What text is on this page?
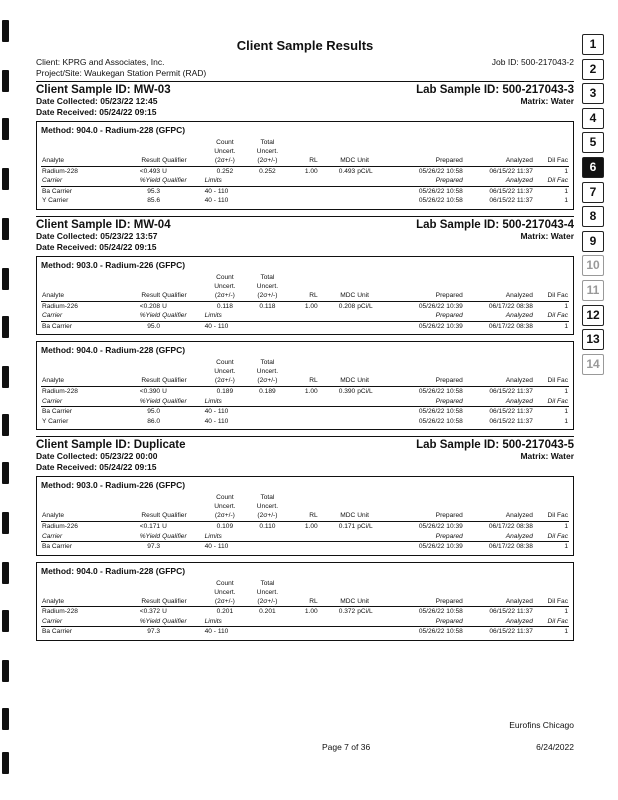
1
2
3
4
5
6
7
8
9
10
11
12
13
14
Client Sample Results
Client: KPRG and Associates, Inc.	Job ID: 500-217043-2
Project/Site: Waukegan Station Permit (RAD)
Client Sample ID: MW-03	Lab Sample ID: 500-217043-3
Date Collected: 05/23/22 12:45	Matrix: Water
Date Received: 05/24/22 09:15
Method: 904.0 - Radium-228 (GFPC)
			Count	Total						
			Uncert.	Uncert.						
Analyte	Result	Qualifier	(2σ+/-)	(2σ+/-)	RL	MDC	Unit	Prepared	Analyzed	Dil Fac
Radium-228	<0.493	U	0.252	0.252	1.00	0.493	pCi/L	05/26/22 10:58	06/15/22 11:37	1

Carrier	%Yield	Qualifier	Limits					Prepared	Analyzed	Dil Fac
Ba Carrier	95.3		40 - 110					05/26/22 10:58	06/15/22 11:37	1
Y Carrier	85.6		40 - 110					05/26/22 10:58	06/15/22 11:37	1
Client Sample ID: MW-04	Lab Sample ID: 500-217043-4
Date Collected: 05/23/22 13:57	Matrix: Water
Date Received: 05/24/22 09:15
Method: 903.0 - Radium-226 (GFPC)
			Count	Total						
			Uncert.	Uncert.						
Analyte	Result	Qualifier	(2σ+/-)	(2σ+/-)	RL	MDC	Unit	Prepared	Analyzed	Dil Fac
Radium-226	<0.208	U	0.118	0.118	1.00	0.208	pCi/L	05/26/22 10:39	06/17/22 08:38	1

Carrier	%Yield	Qualifier	Limits					Prepared	Analyzed	Dil Fac
Ba Carrier	95.0		40 - 110					05/26/22 10:39	06/17/22 08:38	1
Method: 904.0 - Radium-228 (GFPC)
			Count	Total						
			Uncert.	Uncert.						
Analyte	Result	Qualifier	(2σ+/-)	(2σ+/-)	RL	MDC	Unit	Prepared	Analyzed	Dil Fac
Radium-228	<0.390	U	0.189	0.189	1.00	0.390	pCi/L	05/26/22 10:58	06/15/22 11:37	1

Carrier	%Yield	Qualifier	Limits					Prepared	Analyzed	Dil Fac
Ba Carrier	95.0		40 - 110					05/26/22 10:58	06/15/22 11:37	1
Y Carrier	86.0		40 - 110					05/26/22 10:58	06/15/22 11:37	1
Client Sample ID: Duplicate	Lab Sample ID: 500-217043-5
Date Collected: 05/23/22 00:00	Matrix: Water
Date Received: 05/24/22 09:15
Method: 903.0 - Radium-226 (GFPC)
			Count	Total						
			Uncert.	Uncert.						
Analyte	Result	Qualifier	(2σ+/-)	(2σ+/-)	RL	MDC	Unit	Prepared	Analyzed	Dil Fac
Radium-226	<0.171	U	0.109	0.110	1.00	0.171	pCi/L	05/26/22 10:39	06/17/22 08:38	1

Carrier	%Yield	Qualifier	Limits					Prepared	Analyzed	Dil Fac
Ba Carrier	97.3		40 - 110					05/26/22 10:39	06/17/22 08:38	1
Method: 904.0 - Radium-228 (GFPC)
			Count	Total						
			Uncert.	Uncert.						
Analyte	Result	Qualifier	(2σ+/-)	(2σ+/-)	RL	MDC	Unit	Prepared	Analyzed	Dil Fac
Radium-228	<0.372	U	0.201	0.201	1.00	0.372	pCi/L	05/26/22 10:58	06/15/22 11:37	1

Carrier	%Yield	Qualifier	Limits					Prepared	Analyzed	Dil Fac
Ba Carrier	97.3		40 - 110					05/26/22 10:58	06/15/22 11:37	1
Eurofins Chicago
Page 7 of 36	6/24/2022
